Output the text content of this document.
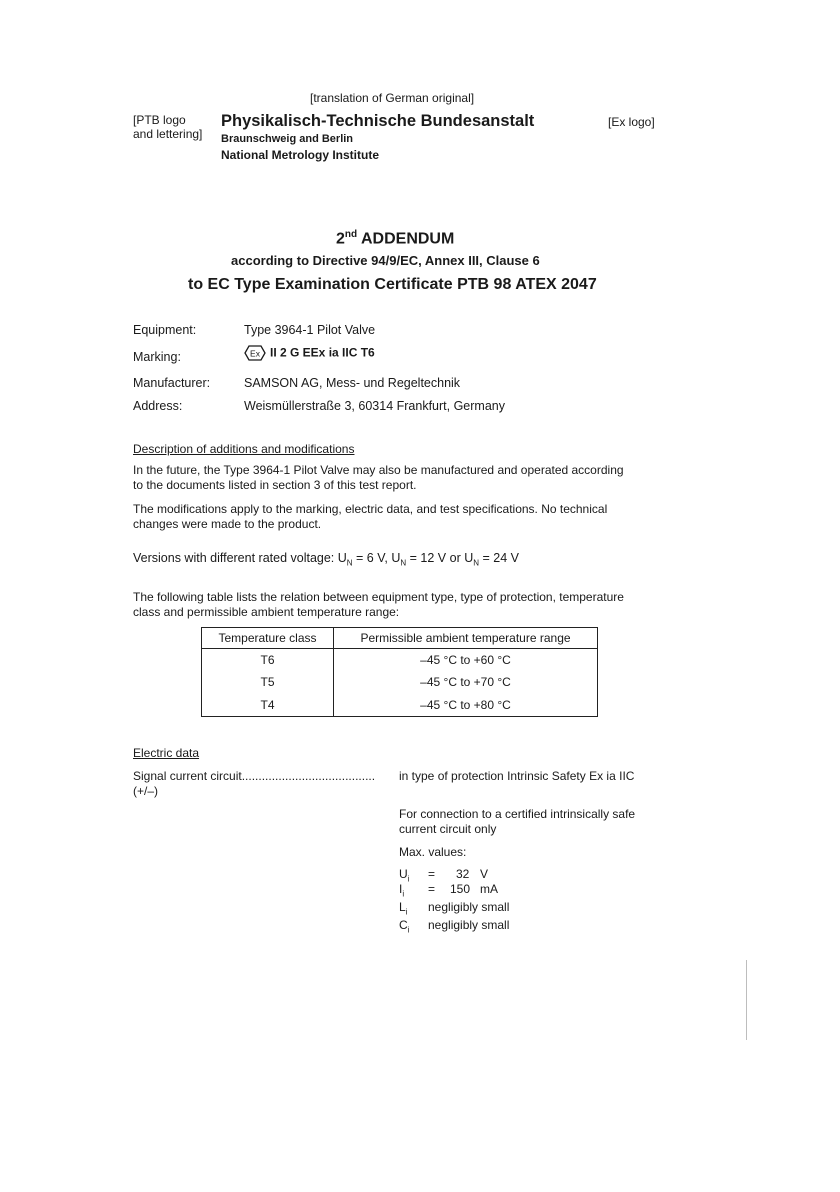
[translation of German original]
[PTB logo
and lettering]
Physikalisch-Technische Bundesanstalt
Braunschweig and Berlin
National Metrology Institute
[Ex logo]
2nd ADDENDUM
according to Directive 94/9/EC, Annex III, Clause 6
to EC Type Examination Certificate PTB 98 ATEX 2047
Equipment:	Type 3964-1 Pilot Valve
Marking:	Ex II 2 G EEx ia IIC T6
Manufacturer:	SAMSON AG, Mess- und Regeltechnik
Address:	Weismüllerstraße 3, 60314 Frankfurt, Germany
Description of additions and modifications
In the future, the Type 3964-1 Pilot Valve may also be manufactured and operated according
to the documents listed in section 3 of this test report.
The modifications apply to the marking, electric data, and test specifications. No technical
changes were made to the product.
Versions with different rated voltage: $U_N = 6$ V, $U_N = 12$ V or $U_N = 24$ V
The following table lists the relation between equipment type, type of protection, temperature
class and permissible ambient temperature range:
Temperature class	Permissible ambient temperature range
T6	–45 °C to +60 °C
T5	–45 °C to +70 °C
T4	–45 °C to +80 °C
Electric data
Signal current circuit........................................
(+/–)
in type of protection Intrinsic Safety Ex ia IIC
For connection to a certified intrinsically safe
current circuit only
Max. values:
$U_i = 32$ V
$I_i = 150$ mA
$L_i$ negligibly small
$C_i$ negligibly small
